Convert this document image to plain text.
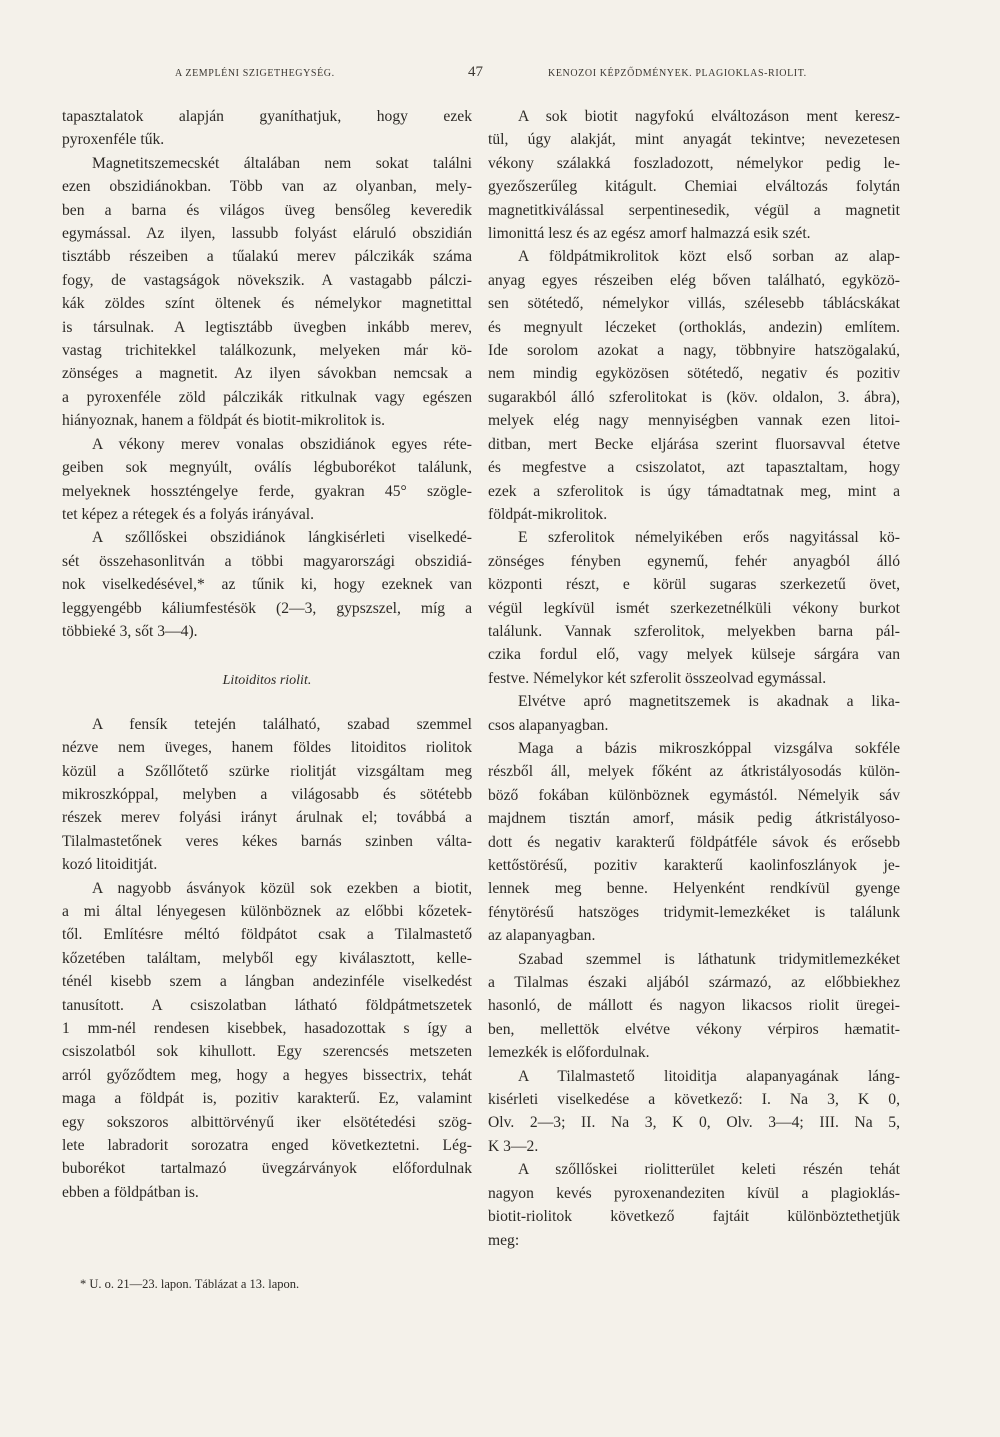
A ZEMPLÉNI SZIGETHEGYSÉG.	47	KENOZOI KÉPZŐDMÉNYEK. PLAGIOKLAS-RIOLIT.
tapasztalatok alapján gyaníthatjuk, hogy ezek
pyroxenféle tűk.
Magnetitszemecskét általában nem sokat találni
ezen obszidiánokban. Több van az olyanban, mely-
ben a barna és világos üveg bensőleg keveredik
egymással. Az ilyen, lassubb folyást eláruló obszidián
tisztább részeiben a tűalakú merev pálczikák száma
fogy, de vastagságok növekszik. A vastagabb pálczi-
kák zöldes színt öltenek és némelykor magnetittal
is társulnak. A legtisztább üvegben inkább merev,
vastag trichitekkel találkozunk, melyeken már kö-
zönséges a magnetit. Az ilyen sávokban nemcsak a
a pyroxenféle zöld pálczikák ritkulnak vagy egészen
hiányoznak, hanem a földpát és biotit-mikrolitok is.
A vékony merev vonalas obszidiánok egyes réte-
geiben sok megnyúlt, oválís légbuborékot találunk,
melyeknek hosszténgelye ferde, gyakran 45° szögle-
tet képez a rétegek és a folyás irányával.
A szőllőskei obszidiánok lángkisérleti viselkedé-
sét összehasonlitván a többi magyarországi obszidiá-
nok viselkedésével,* az tűnik ki, hogy ezeknek van
leggyengébb káliumfestésök (2—3, gypszszel, míg a
többieké 3, sőt 3—4).
Litoiditos riolit.
A fensík tetején található, szabad szemmel
nézve nem üveges, hanem földes litoiditos riolitok
közül a Szőllőtető szürke riolitját vizsgáltam meg
mikroszkóppal, melyben a világosabb és sötétebb
részek merev folyási irányt árulnak el; továbbá a
Tilalmastetőnek veres kékes barnás szinben válta-
kozó litoiditját.
A nagyobb ásványok közül sok ezekben a biotit,
a mi által lényegesen különböznek az előbbi kőzetek-
től. Említésre méltó földpátot csak a Tilalmastető
kőzetében találtam, melyből egy kiválasztott, kelle-
ténél kisebb szem a lángban andezinféle viselkedést
tanusított. A csiszolatban látható földpátmetszetek
1 mm-nél rendesen kisebbek, hasadozottak s így a
csiszolatból sok kihullott. Egy szerencsés metszeten
arról győződtem meg, hogy a hegyes bissectrix, tehát
maga a földpát is, pozitiv karakterű. Ez, valamint
egy sokszoros albittörvényű iker elsötétedési szög-
lete labradorit sorozatra enged következtetni. Lég-
buborékot tartalmazó üvegzárványok előfordulnak
ebben a földpátban is.
A sok biotit nagyfokú elváltozáson ment keresz-
tül, úgy alakját, mint anyagát tekintve; nevezetesen
vékony szálakká foszladozott, némelykor pedig le-
gyezőszerűleg kitágult. Chemiai elváltozás folytán
magnetitkiválással serpentinesedik, végül a magnetit
limonittá lesz és az egész amorf halmazzá esik szét.
A földpátmikrolitok közt első sorban az alap-
anyag egyes részeiben elég bőven található, egyközö-
sen sötétedő, némelykor villás, szélesebb táblácskákat
és megnyult léczeket (orthoklás, andezin) említem.
Ide sorolom azokat a nagy, többnyire hatszögalakú,
nem mindig egyközösen sötétedő, negativ és pozitiv
sugarakból álló szferolitokat is (köv. oldalon, 3. ábra),
melyek elég nagy mennyiségben vannak ezen litoi-
ditban, mert Becke eljárása szerint fluorsavval étetve
és megfestve a csiszolatot, azt tapasztaltam, hogy
ezek a szferolitok is úgy támadtatnak meg, mint a
földpát-mikrolitok.
E szferolitok némelyikében erős nagyitással kö-
zönséges fényben egynemű, fehér anyagból álló
központi részt, e körül sugaras szerkezetű övet,
végül legkívül ismét szerkezetnélküli vékony burkot
találunk. Vannak szferolitok, melyekben barna pál-
czika fordul elő, vagy melyek külseje sárgára van
festve. Némelykor két szferolit összeolvad egymással.
Elvétve apró magnetitszemek is akadnak a lika-
csos alapanyagban.
Maga a bázis mikroszkóppal vizsgálva sokféle
részből áll, melyek főként az átkristályosodás külön-
böző fokában különböznek egymástól. Némelyik sáv
majdnem tisztán amorf, másik pedig átkristályoso-
dott és negativ karakterű földpátféle sávok és erősebb
kettőstörésű, pozitiv karakterű kaolinfoszlányok je-
lennek meg benne. Helyenként rendkívül gyenge
fénytörésű hatszöges tridymit-lemezkéket is találunk
az alapanyagban.
Szabad szemmel is láthatunk tridymitlemezkéket
a Tilalmas északi aljából származó, az előbbiekhez
hasonló, de mállott és nagyon likacsos riolit üregei-
ben, mellettök elvétve vékony vérpiros hæmatit-
lemezkék is előfordulnak.
A Tilalmastető litoiditja alapanyagának láng-
kisérleti viselkedése a következő: I. Na 3, K 0,
Olv. 2—3; II. Na 3, K 0, Olv. 3—4; III. Na 5,
K 3—2.
A szőllőskei riolitterület keleti részén tehát
nagyon kevés pyroxenandeziten kívül a plagioklás-
biotit-riolitok következő fajtáit különböztethetjük
meg:
* U. o. 21—23. lapon. Táblázat a 13. lapon.
